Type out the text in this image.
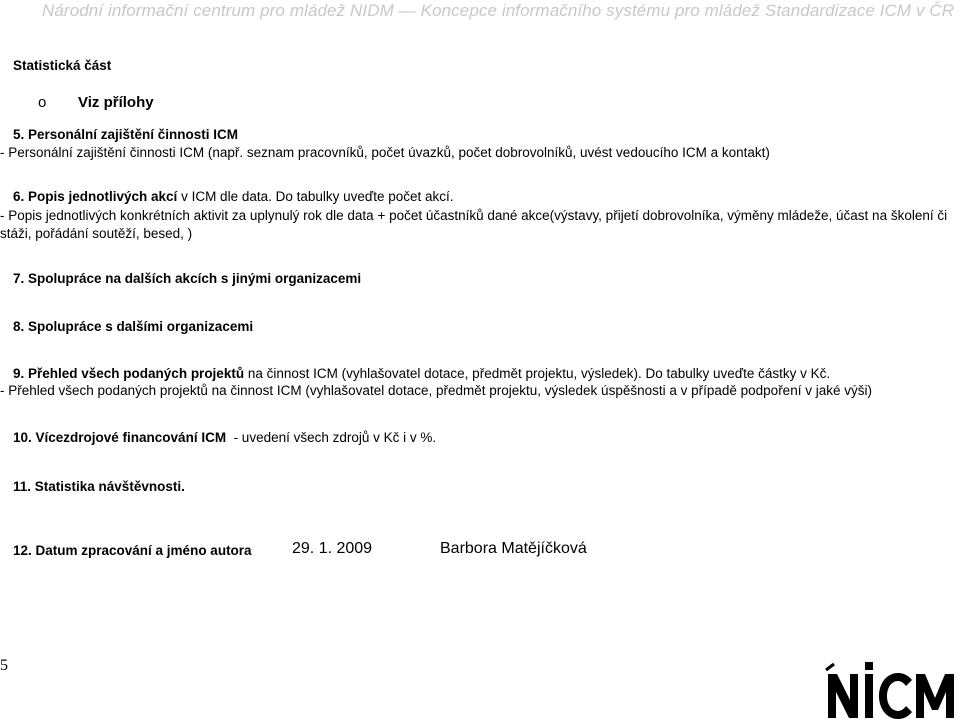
Národní informační centrum pro mládež NIDM — Koncepce informačního systému pro mládež Standardizace ICM v ČR
Statistická část
o Viz přílohy
5. Personální zajištění činnosti ICM
- Personální zajištění činnosti ICM (např. seznam pracovníků, počet úvazků, počet dobrovolníků, uvést vedoucího ICM a kontakt)
6. Popis jednotlivých akcí v ICM dle data. Do tabulky uveďte počet akcí.
- Popis jednotlivých konkrétních aktivit za uplynulý rok dle data + počet účastníků dané akce(výstavy, přijetí dobrovolníka, výměny mládeže, účast na školení či stáži, pořádání soutěží, besed, )
7. Spolupráce na dalších akcích s jinými organizacemi
8. Spolupráce s dalšími organizacemi
9. Přehled všech podaných projektů na činnost ICM (vyhlašovatel dotace, předmět projektu, výsledek). Do tabulky uveďte částky v Kč.
- Přehled všech podaných projektů na činnost ICM (vyhlašovatel dotace, předmět projektu, výsledek úspěšnosti a v případě podpoření v jaké výši)
10. Vícezdrojové financování ICM  - uvedení všech zdrojů v Kč i v %.
11. Statistika návštěvnosti.
12. Datum zpracování a jméno autora	29. 1. 2009	Barbora Matějíčková
5
